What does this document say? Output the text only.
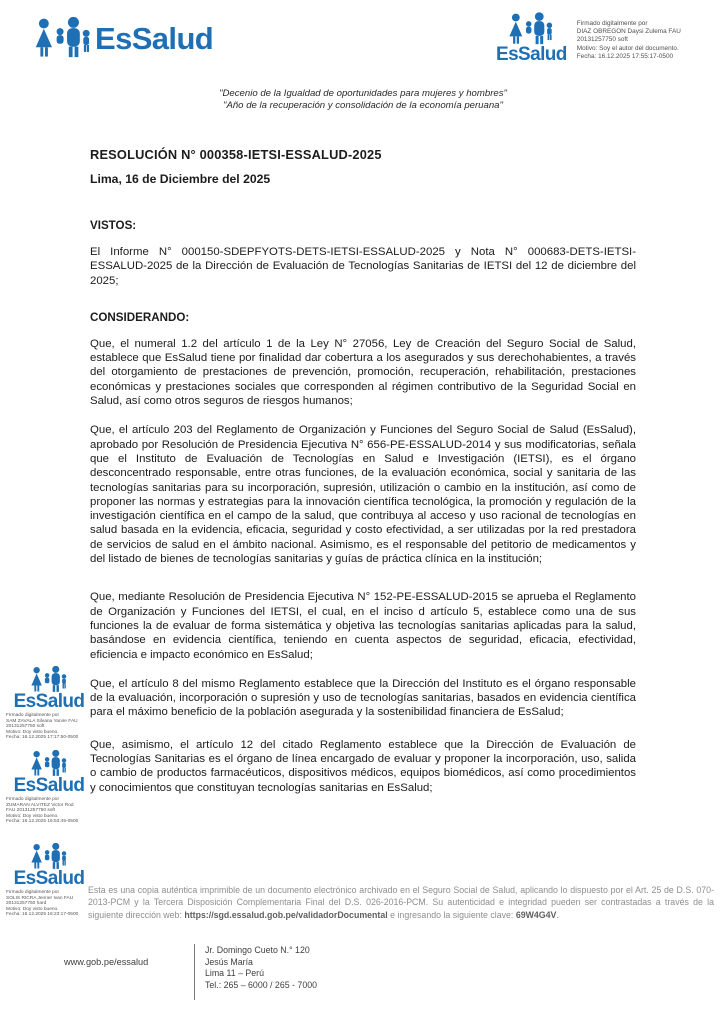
EsSalud	EsSalud
Firmado digitalmente por
DIAZ OBREGON Daysi Zulema FAU
20131257750 soft
Motivo: Soy el autor del documento.
Fecha: 16.12.2025 17:55:17-0500
"Decenio de la Igualdad de oportunidades para mujeres y hombres"
"Año de la recuperación y consolidación de la economía peruana"
RESOLUCIÓN N° 000358-IETSI-ESSALUD-2025
Lima, 16 de Diciembre del 2025
VISTOS:

El Informe N° 000150-SDEPFYOTS-DETS-IETSI-ESSALUD-2025 y Nota N° 000683-DETS-IETSI-ESSALUD-2025 de la Dirección de Evaluación de Tecnologías Sanitarias de IETSI del 12 de diciembre del 2025;

CONSIDERANDO:

Que, el numeral 1.2 del artículo 1 de la Ley N° 27056, Ley de Creación del Seguro Social de Salud, establece que EsSalud tiene por finalidad dar cobertura a los asegurados y sus derechohabientes, a través del otorgamiento de prestaciones de prevención, promoción, recuperación, rehabilitación, prestaciones económicas y prestaciones sociales que corresponden al régimen contributivo de la Seguridad Social en Salud, así como otros seguros de riesgos humanos;

Que, el artículo 203 del Reglamento de Organización y Funciones del Seguro Social de Salud (EsSalud), aprobado por Resolución de Presidencia Ejecutiva N° 656-PE-ESSALUD-2014 y sus modificatorias, señala que el Instituto de Evaluación de Tecnologías en Salud e Investigación (IETSI), es el órgano desconcentrado responsable, entre otras funciones, de la evaluación económica, social y sanitaria de las tecnologías sanitarias para su incorporación, supresión, utilización o cambio en la institución, así como de proponer las normas y estrategias para la innovación científica tecnológica, la promoción y regulación de la investigación científica en el campo de la salud, que contribuya al acceso y uso racional de tecnologías en salud basada en la evidencia, eficacia, seguridad y costo efectividad, a ser utilizadas por la red prestadora de servicios de salud en el ámbito nacional. Asimismo, es el responsable del petitorio de medicamentos y del listado de bienes de tecnologías sanitarias y guías de práctica clínica en la institución;

Que, mediante Resolución de Presidencia Ejecutiva N° 152-PE-ESSALUD-2015 se aprueba el Reglamento de Organización y Funciones del IETSI, el cual, en el inciso d artículo 5, establece como una de sus funciones la de evaluar de forma sistemática y objetiva las tecnologías sanitarias aplicadas para la salud, basándose en evidencia científica, teniendo en cuenta aspectos de seguridad, eficacia, efectividad, eficiencia e impacto económico en EsSalud;

Que, el artículo 8 del mismo Reglamento establece que la Dirección del Instituto es el órgano responsable de la evaluación, incorporación o supresión y uso de tecnologías sanitarias, basados en evidencia científica para el máximo beneficio de la población asegurada y la sostenibilidad financiera de EsSalud;

Que, asimismo, el artículo 12 del citado Reglamento establece que la Dirección de Evaluación de Tecnologías Sanitarias es el órgano de línea encargado de evaluar y proponer la incorporación, uso, salida o cambio de productos farmacéuticos, dispositivos médicos, equipos biomédicos, así como procedimientos y conocimientos que constituyan tecnologías sanitarias en EsSalud;

EsSalud
Firmado digitalmente por
SAM ZAVALA Silvana Yanire FAU
20131257750 soft
Motivo: Doy visto bueno.
Fecha: 16.12.2025 17:17:50-0500
EsSalud
Firmado digitalmente por
ZUMARAN ALVITEZ Victor Rod
FAU 20131257750 soft
Motivo: Doy visto bueno.
Fecha: 16.12.2025 16:53:45-0500
EsSalud
Firmado digitalmente por
SOLIS RICRA Jenner Ivan FAU
20131257750 hard
Motivo: Doy visto bueno.
Fecha: 16.12.2025 16:23:17-0500
Esta es una copia auténtica imprimible de un documento electrónico archivado en el Seguro Social de Salud, aplicando lo dispuesto por el Art. 25 de D.S. 070-2013-PCM y la Tercera Disposición Complementaria Final del D.S. 026-2016-PCM. Su autenticidad e integridad pueden ser contrastadas a través de la siguiente dirección web: https://sgd.essalud.gob.pe/validadorDocumental e ingresando la siguiente clave: 69W4G4V.
www.gob.pe/essalud
Jr. Domingo Cueto N.° 120
Jesús María
Lima 11 – Perú
Tel.: 265 – 6000 / 265 - 7000
